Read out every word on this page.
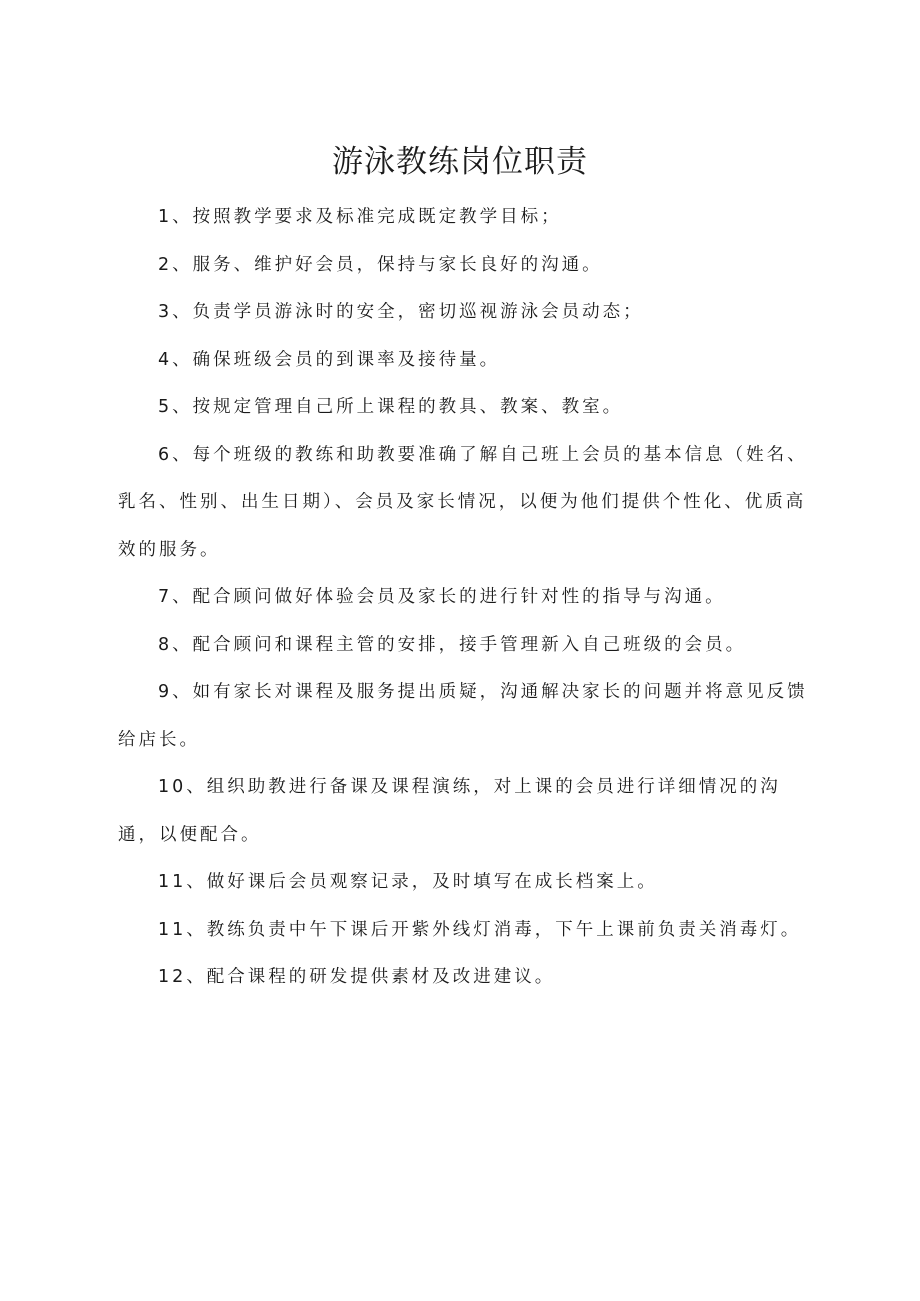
游泳教练岗位职责

1、按照教学要求及标准完成既定教学目标；

2、服务、维护好会员，保持与家长良好的沟通。

3、负责学员游泳时的安全，密切巡视游泳会员动态；

4、确保班级会员的到课率及接待量。

5、按规定管理自己所上课程的教具、教案、教室。

6、每个班级的教练和助教要准确了解自己班上会员的基本信息（姓名、乳名、性别、出生日期）、会员及家长情况，以便为他们提供个性化、优质高效的服务。

7、配合顾问做好体验会员及家长的进行针对性的指导与沟通。

8、配合顾问和课程主管的安排，接手管理新入自己班级的会员。

9、如有家长对课程及服务提出质疑，沟通解决家长的问题并将意见反馈给店长。

10、组织助教进行备课及课程演练，对上课的会员进行详细情况的沟通，以便配合。

11、做好课后会员观察记录，及时填写在成长档案上。

11、教练负责中午下课后开紫外线灯消毒，下午上课前负责关消毒灯。

12、配合课程的研发提供素材及改进建议。
